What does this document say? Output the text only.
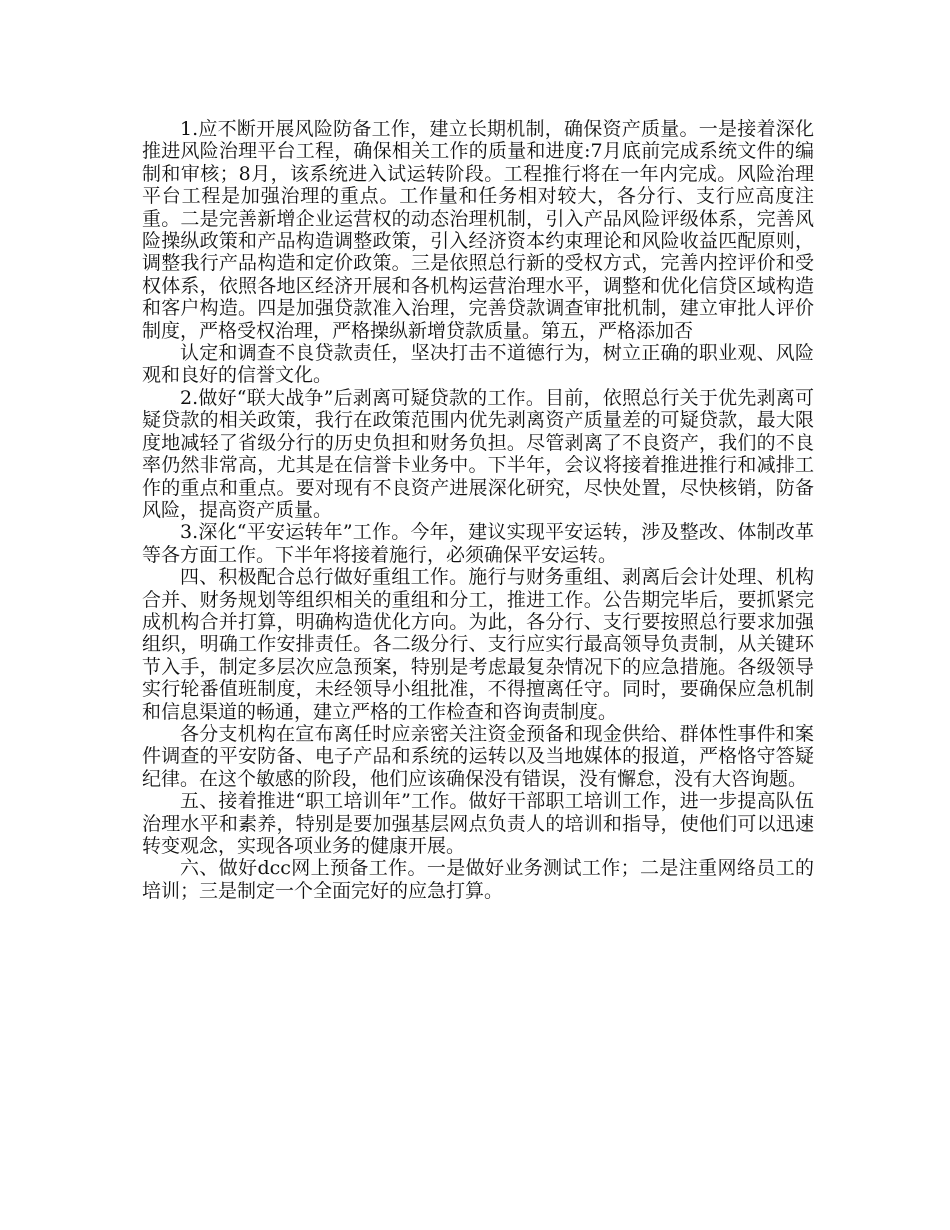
1.应不断开展风险防备工作，建立长期机制，确保资产质量。一是接着深化推进风险治理平台工程，确保相关工作的质量和进度:7月底前完成系统文件的编制和审核；8月，该系统进入试运转阶段。工程推行将在一年内完成。风险治理平台工程是加强治理的重点。工作量和任务相对较大，各分行、支行应高度注重。二是完善新增企业运营权的动态治理机制，引入产品风险评级体系，完善风险操纵政策和产品构造调整政策，引入经济资本约束理论和风险收益匹配原则，调整我行产品构造和定价政策。三是依照总行新的受权方式，完善内控评价和受权体系，依照各地区经济开展和各机构运营治理水平，调整和优化信贷区域构造和客户构造。四是加强贷款准入治理，完善贷款调查审批机制，建立审批人评价制度，严格受权治理，严格操纵新增贷款质量。第五，严格添加否

认定和调查不良贷款责任，坚决打击不道德行为，树立正确的职业观、风险观和良好的信誉文化。

2.做好“联大战争”后剥离可疑贷款的工作。目前，依照总行关于优先剥离可疑贷款的相关政策，我行在政策范围内优先剥离资产质量差的可疑贷款，最大限度地减轻了省级分行的历史负担和财务负担。尽管剥离了不良资产，我们的不良率仍然非常高，尤其是在信誉卡业务中。下半年，会议将接着推进推行和减排工作的重点和重点。要对现有不良资产进展深化研究，尽快处置，尽快核销，防备风险，提高资产质量。

3.深化“平安运转年”工作。今年，建议实现平安运转，涉及整改、体制改革等各方面工作。下半年将接着施行，必须确保平安运转。

四、积极配合总行做好重组工作。施行与财务重组、剥离后会计处理、机构合并、财务规划等组织相关的重组和分工，推进工作。公告期完毕后，要抓紧完成机构合并打算，明确构造优化方向。为此，各分行、支行要按照总行要求加强组织，明确工作安排责任。各二级分行、支行应实行最高领导负责制，从关键环节入手，制定多层次应急预案，特别是考虑最复杂情况下的应急措施。各级领导实行轮番值班制度，未经领导小组批准，不得擅离任守。同时，要确保应急机制和信息渠道的畅通，建立严格的工作检查和咨询责制度。

各分支机构在宣布离任时应亲密关注资金预备和现金供给、群体性事件和案件调查的平安防备、电子产品和系统的运转以及当地媒体的报道，严格恪守答疑纪律。在这个敏感的阶段，他们应该确保没有错误，没有懈怠，没有大咨询题。

五、接着推进“职工培训年”工作。做好干部职工培训工作，进一步提高队伍治理水平和素养，特别是要加强基层网点负责人的培训和指导，使他们可以迅速转变观念，实现各项业务的健康开展。

六、做好dcc网上预备工作。一是做好业务测试工作；二是注重网络员工的培训；三是制定一个全面完好的应急打算。
